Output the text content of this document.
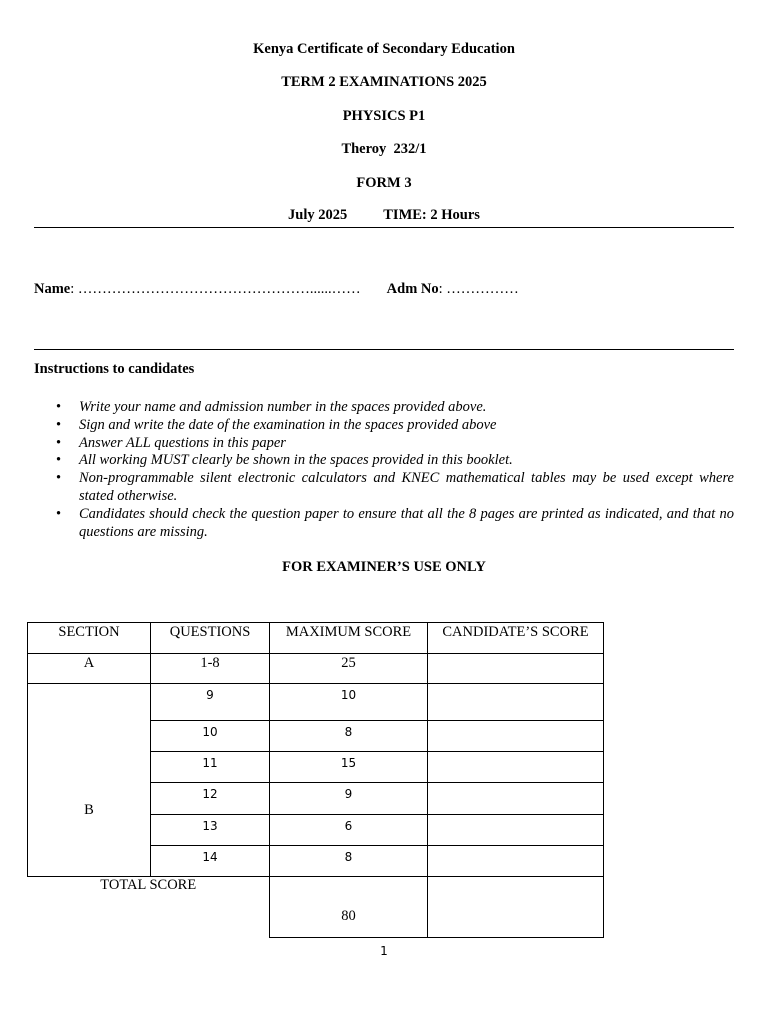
Kenya Certificate of Secondary Education
TERM 2 EXAMINATIONS 2025
PHYSICS P1
Theroy  232/1
FORM 3
July 2025 TIME: 2 Hours
Name: …………………………………………......…… Adm No: ……………
Instructions to candidates
• Write your name and admission number in the spaces provided above.
• Sign and write the date of the examination in the spaces provided above
• Answer ALL questions in this paper
• All working MUST clearly be shown in the spaces provided in this booklet.
• Non-programmable silent electronic calculators and KNEC mathematical tables may be used except where stated otherwise.
• Candidates should check the question paper to ensure that all the 8 pages are printed as indicated, and that no questions are missing.
FOR EXAMINER’S USE ONLY
SECTION	QUESTIONS	MAXIMUM SCORE	CANDIDATE’S SCORE
A	1-8	25	
B	9	10	
	10	8	
	11	15	
	12	9	
	13	6	
	14	8	
TOTAL SCORE		80	
1
